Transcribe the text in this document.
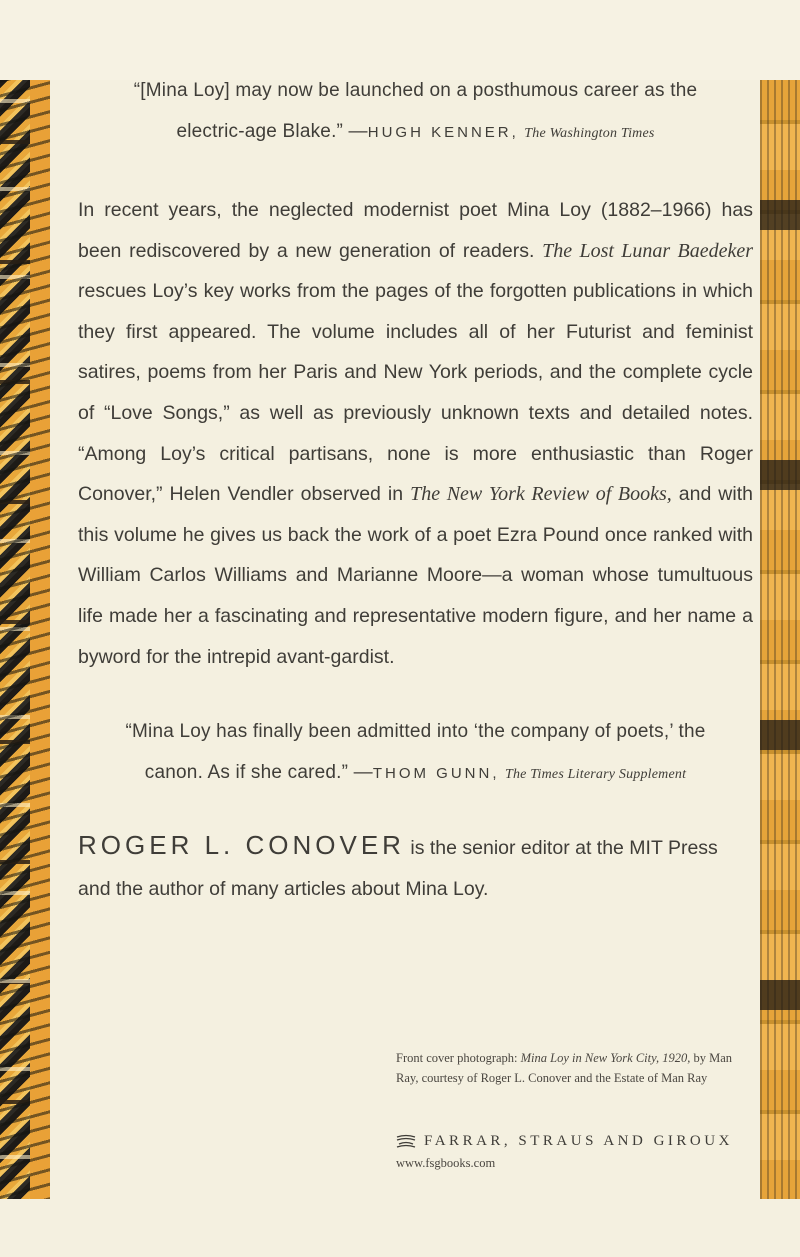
“[Mina Loy] may now be launched on a posthumous career as the
electric-age Blake.” —HUGH KENNER, The Washington Times

In recent years, the neglected modernist poet Mina Loy (1882–1966) has been rediscovered by a new generation of readers. The Lost Lunar Baedeker rescues Loy’s key works from the pages of the forgotten publications in which they first appeared. The volume includes all of her Futurist and feminist satires, poems from her Paris and New York periods, and the complete cycle of “Love Songs,” as well as previously unknown texts and detailed notes. “Among Loy’s critical partisans, none is more enthusiastic than Roger Conover,” Helen Vendler observed in The New York Review of Books, and with this volume he gives us back the work of a poet Ezra Pound once ranked with William Carlos Williams and Marianne Moore—a woman whose tumultuous life made her a fascinating and representative modern figure, and her name a byword for the intrepid avant-gardist.

“Mina Loy has finally been admitted into ‘the company of poets,’ the
canon. As if she cared.” —THOM GUNN, The Times Literary Supplement

ROGER L. CONOVER is the senior editor at the MIT Press and the author of many articles about Mina Loy.

Front cover photograph: Mina Loy in New York City, 1920, by Man Ray, courtesy of Roger L. Conover and the Estate of Man Ray
FARRAR, STRAUS AND GIROUX
www.fsgbooks.com
